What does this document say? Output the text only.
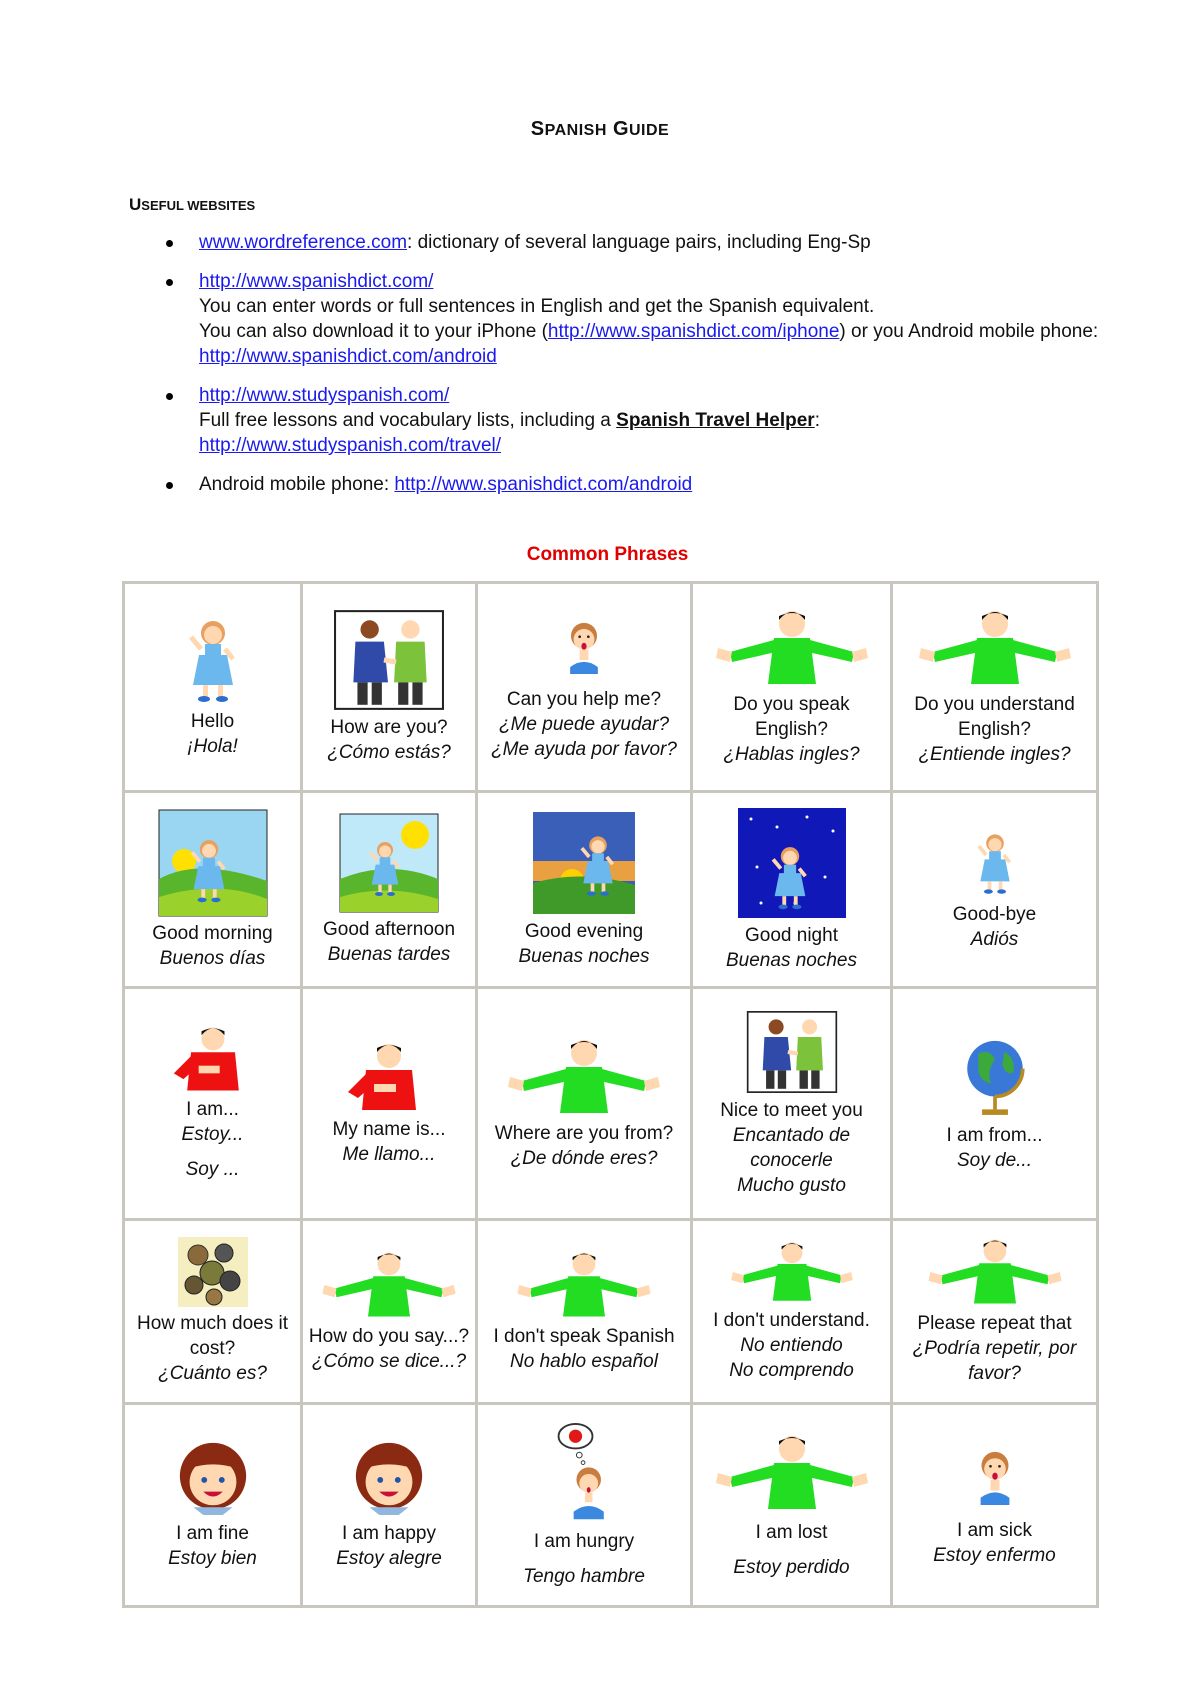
SPANISH GUIDE
USEFUL WEBSITES
www.wordreference.com: dictionary of several language pairs, including Eng-Sp
http://www.spanishdict.com/
You can enter words or full sentences in English and get the Spanish equivalent.
You can also download it to your iPhone (http://www.spanishdict.com/iphone) or you Android mobile phone:
http://www.spanishdict.com/android
http://www.studyspanish.com/
Full free lessons and vocabulary lists, including a Spanish Travel Helper:
http://www.studyspanish.com/travel/
Android mobile phone: http://www.spanishdict.com/android
Common Phrases
Hello
¡Hola!	How are you?
¿Cómo estás?	Can you help me?
¿Me puede ayudar?
¿Me ayuda por favor?	Do you speak English?
¿Hablas ingles?	Do you understand English?
¿Entiende ingles?

Good morning
Buenos días	Good afternoon
Buenas tardes	Good evening
Buenas noches	Good night
Buenas noches	Good-bye
Adiós

I am...
Estoy...
Soy ...	My name is...
Me llamo...	Where are you from?
¿De dónde eres?	Nice to meet you
Encantado de conocerle
Mucho gusto	I am from...
Soy de...

How much does it cost?
¿Cuánto es?	How do you say...?
¿Cómo se dice...?	I don't speak Spanish
No hablo español	I don't understand.
No entiendo
No comprendo	Please repeat that
¿Podría repetir, por favor?

I am fine
Estoy bien	I am happy
Estoy alegre	I am hungry
Tengo hambre	I am lost
Estoy perdido	I am sick
Estoy enfermo
